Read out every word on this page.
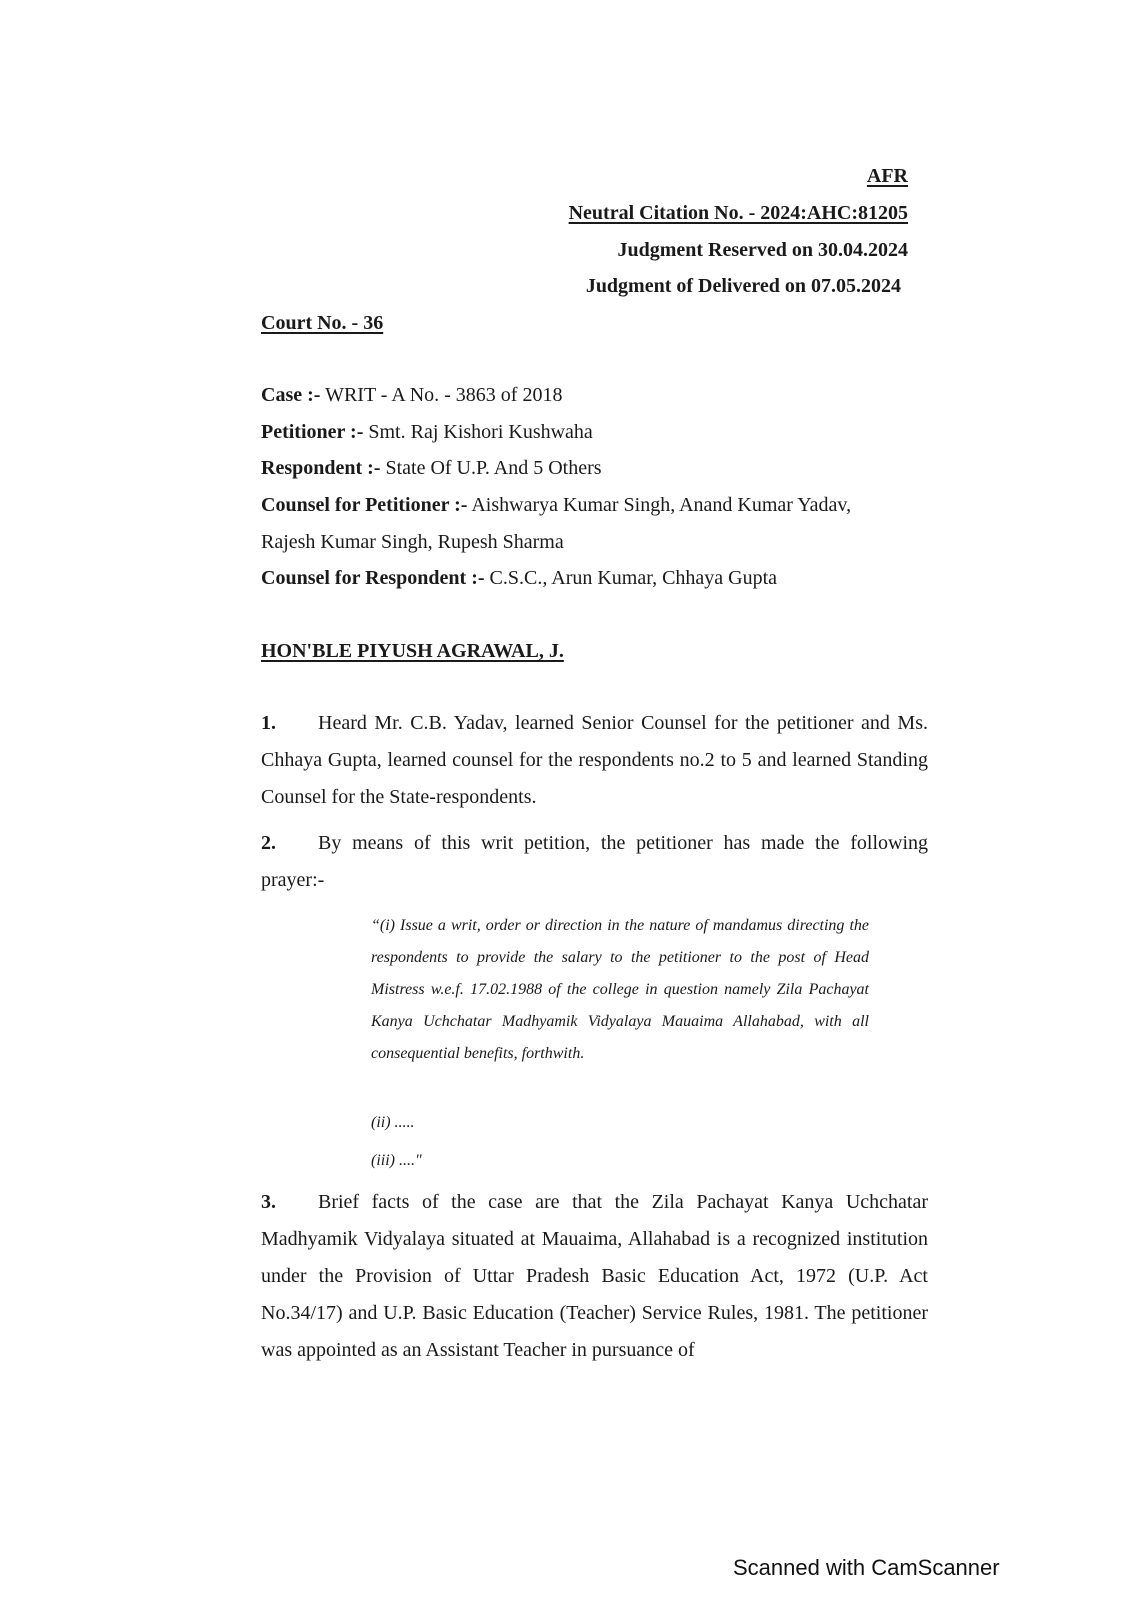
AFR
Neutral Citation No. - 2024:AHC:81205
Judgment Reserved on 30.04.2024
Judgment of Delivered on 07.05.2024
Court No. - 36
Case :- WRIT - A No. - 3863 of 2018
Petitioner :- Smt. Raj Kishori Kushwaha
Respondent :- State Of U.P. And 5 Others
Counsel for Petitioner :- Aishwarya Kumar Singh, Anand Kumar Yadav,
Rajesh Kumar Singh, Rupesh Sharma
Counsel for Respondent :- C.S.C., Arun Kumar, Chhaya Gupta
HON'BLE PIYUSH AGRAWAL, J.
1. Heard Mr. C.B. Yadav, learned Senior Counsel for the petitioner and Ms. Chhaya Gupta, learned counsel for the respondents no.2 to 5 and learned Standing Counsel for the State-respondents.
2. By means of this writ petition, the petitioner has made the following prayer:-
“(i) Issue a writ, order or direction in the nature of mandamus directing the respondents to provide the salary to the petitioner to the post of Head Mistress w.e.f. 17.02.1988 of the college in question namely Zila Pachayat Kanya Uchchatar Madhyamik Vidyalaya Mauaima Allahabad, with all consequential benefits, forthwith.
(ii) .....
(iii) ...."
3. Brief facts of the case are that the Zila Pachayat Kanya Uchchatar Madhyamik Vidyalaya situated at Mauaima, Allahabad is a recognized institution under the Provision of Uttar Pradesh Basic Education Act, 1972 (U.P. Act No.34/17) and U.P. Basic Education (Teacher) Service Rules, 1981. The petitioner was appointed as an Assistant Teacher in pursuance of
Scanned with CamScanner
